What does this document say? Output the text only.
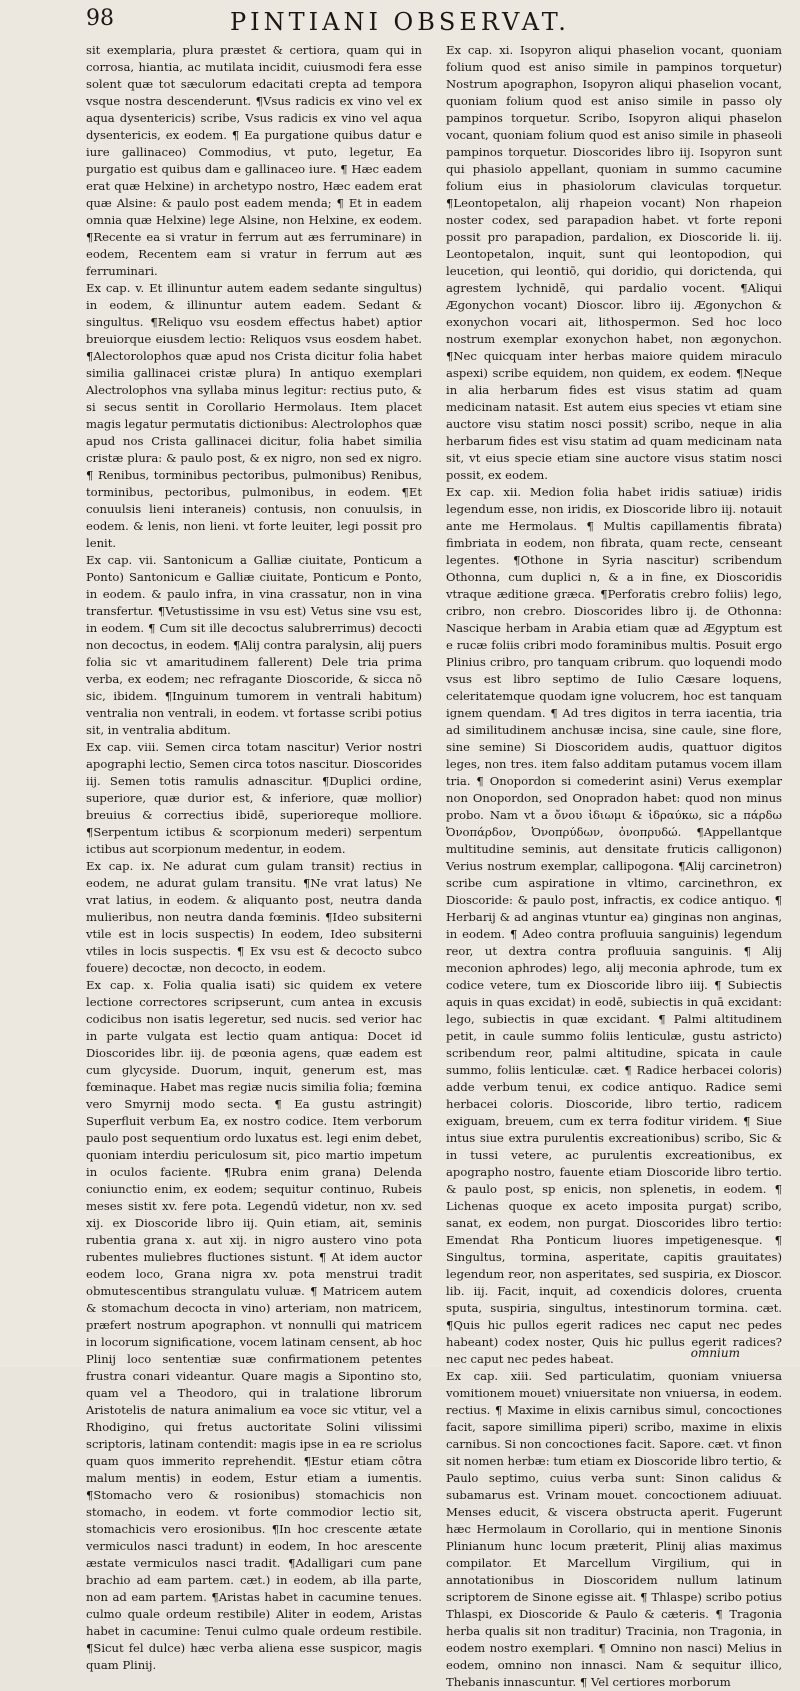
98	PINTIANI OBSERVAT.

sit exemplaria, plura præstet & certiora, quam qui in corrosa, hiantia, ac mutilata incidit, cuiusmodi fera esse solent quæ tot sæculorum edacitati crepta ad tempora vsque nostra descenderunt. ¶Vsus radicis ex vino vel ex aqua dysentericis) scribe, Vsus radicis ex vino vel aqua dysentericis, ex eodem. ¶ Ea purgatione quibus datur e iure gallinaceo) Commodius, vt puto, legetur, Ea purgatio est quibus dam e gallinaceo iure. ¶ Hæc eadem erat quæ Helxine) in archetypo nostro, Hæc eadem erat quæ Alsine: & paulo post eadem menda; ¶ Et in eadem omnia quæ Helxine) lege Alsine, non Helxine, ex eodem. ¶Recente ea si vratur in ferrum aut æs ferruminare) in eodem, Recentem eam si vratur in ferrum aut æs ferruminari.

Ex cap. v. Et illinuntur autem eadem sedante singultus) in eodem, & illinuntur autem eadem. Sedant & singultus. ¶Reliquo vsu eosdem effectus habet) aptior breuiorque eiusdem lectio: Reliquos vsus eosdem habet. ¶Alectorolophos quæ apud nos Crista dicitur folia habet similia gallinacei cristæ plura) In antiquo exemplari Alectrolophos vna syllaba minus legitur: rectius puto, & si secus sentit in Corollario Hermolaus. Item placet magis legatur permutatis dictionibus: Alectrolophos quæ apud nos Crista gallinacei dicitur, folia habet similia cristæ plura: & paulo post, & ex nigro, non sed ex nigro. ¶ Renibus, torminibus pectoribus, pulmonibus) Renibus, torminibus, pectoribus, pulmonibus, in eodem. ¶Et conuulsis lieni interaneis) contusis, non conuulsis, in eodem. & lenis, non lieni. vt forte leuiter, legi possit pro lenit.

Ex cap. vii. Santonicum a Galliæ ciuitate, Ponticum a Ponto) Santonicum e Galliæ ciuitate, Ponticum e Ponto, in eodem. & paulo infra, in vina crassatur, non in vina transfertur. ¶Vetustissime in vsu est) Vetus sine vsu est, in eodem. ¶ Cum sit ille decoctus salubrerrimus) decocti non decoctus, in eodem. ¶Alij contra paralysin, alij puers folia sic vt amaritudinem fallerent) Dele tria prima verba, ex eodem; nec refragante Dioscoride, & sicca nō sic, ibidem. ¶Inguinum tumorem in ventrali habitum) ventralia non ventrali, in eodem. vt fortasse scribi potius sit, in ventralia abditum.

Ex cap. viii. Semen circa totam nascitur) Verior nostri apographi lectio, Semen circa totos nascitur. Dioscorides iij. Semen totis ramulis adnascitur. ¶Duplici ordine, superiore, quæ durior est, & inferiore, quæ mollior) breuius & correctius ibidē, superioreque molliore. ¶Serpentum ictibus & scorpionum mederi) serpentum ictibus aut scorpionum medentur, in eodem.

Ex cap. ix. Ne adurat cum gulam transit) rectius in eodem, ne adurat gulam transitu. ¶Ne vrat latus) Ne vrat latius, in eodem. & aliquanto post, neutra danda mulieribus, non neutra danda fœminis. ¶Ideo subsiterni vtile est in locis suspectis) In eodem, Ideo subsiterni vtiles in locis suspectis. ¶ Ex vsu est & decocto subco fouere) decoctæ, non decocto, in eodem.

Ex cap. x. Folia qualia isati) sic quidem ex vetere lectione correctores scripserunt, cum antea in excusis codicibus non isatis legeretur, sed nucis. sed verior hac in parte vulgata est lectio quam antiqua: Docet id Dioscorides libr. iij. de pœonia agens, quæ eadem est cum glycyside. Duorum, inquit, generum est, mas fœminaque. Habet mas regiæ nucis similia folia; fœmina vero Smyrnij modo secta. ¶ Ea gustu astringit) Superfluit verbum Ea, ex nostro codice. Item verborum paulo post sequentium ordo luxatus est. legi enim debet, quoniam interdiu periculosum sit, pico martio impetum in oculos faciente. ¶Rubra enim grana) Delenda coniunctio enim, ex eodem; sequitur continuo, Rubeis meses sistit xv. fere pota. Legendū videtur, non xv. sed xij. ex Dioscoride libro iij. Quin etiam, ait, seminis rubentia grana x. aut xij. in nigro austero vino pota rubentes muliebres fluctiones sistunt. ¶ At idem auctor eodem loco, Grana nigra xv. pota menstrui tradit obmutescentibus strangulatu vuluæ. ¶ Matricem autem & stomachum decocta in vino) arteriam, non matricem, præfert nostrum apographon. vt nonnulli qui matricem in locorum significatione, vocem latinam censent, ab hoc Plinij loco sententiæ suæ confirmationem petentes frustra conari videantur. Quare magis a Sipontino sto, quam vel a Theodoro, qui in tralatione librorum Aristotelis de natura animalium ea voce sic vtitur, vel a Rhodigino, qui fretus auctoritate Solini vilissimi scriptoris, latinam contendit: magis ipse in ea re scriolus quam quos immerito reprehendit. ¶Estur etiam cōtra malum mentis) in eodem, Estur etiam a iumentis. ¶Stomacho vero & rosionibus) stomachicis non stomacho, in eodem. vt forte commodior lectio sit, stomachicis vero erosionibus. ¶In hoc crescente ætate vermiculos nasci tradunt) in eodem, In hoc arescente æstate vermiculos nasci tradit. ¶Adalligari cum pane brachio ad eam partem. cæt.) in eodem, ab illa parte, non ad eam partem. ¶Aristas habet in cacumine tenues. culmo quale ordeum restibile) Aliter in eodem, Aristas habet in cacumine: Tenui culmo quale ordeum restibile. ¶Sicut fel dulce) hæc verba aliena esse suspicor, magis quam Plinij.

Ex cap. xi. Isopyron aliqui phaselion vocant, quoniam folium quod est aniso simile in pampinos torquetur) Nostrum apographon, Isopyron aliqui phaselion vocant, quoniam folium quod est aniso simile in passo oly pampinos torquetur. Scribo, Isopyron aliqui phaselon vocant, quoniam folium quod est aniso simile in phaseoli pampinos torquetur. Dioscorides libro iij. Isopyron sunt qui phasiolo appellant, quoniam in summo cacumine folium eius in phasiolorum claviculas torquetur. ¶Leontopetalon, alij rhapeion vocant) Non rhapeion noster codex, sed parapadion habet. vt forte reponi possit pro parapadion, pardalion, ex Dioscoride li. iij. Leontopetalon, inquit, sunt qui leontopodion, qui leucetion, qui leontiō, qui doridio, qui dorictenda, qui agrestem lychnidē, qui pardalio vocent. ¶Aliqui Ægonychon vocant) Dioscor. libro iij. Ægonychon & exonychon vocari ait, lithospermon. Sed hoc loco nostrum exemplar exonychon habet, non ægonychon. ¶Nec quicquam inter herbas maiore quidem miraculo aspexi) scribe equidem, non quidem, ex eodem. ¶Neque in alia herbarum fides est visus statim ad quam medicinam natasit. Est autem eius species vt etiam sine auctore visu statim nosci possit) scribo, neque in alia herbarum fides est visu statim ad quam medicinam nata sit, vt eius specie etiam sine auctore visus statim nosci possit, ex eodem.

Ex cap. xii. Medion folia habet iridis satiuæ) iridis legendum esse, non iridis, ex Dioscoride libro iij. notauit ante me Hermolaus. ¶ Multis capillamentis fibrata) fimbriata in eodem, non fibrata, quam recte, censeant legentes. ¶Othone in Syria nascitur) scribendum Othonna, cum duplici n, & a in fine, ex Dioscoridis vtraque æditione græca. ¶Perforatis crebro foliis) lego, cribro, non crebro. Dioscorides libro ij. de Othonna: Nascique herbam in Arabia etiam quæ ad Ægyptum est e rucæ foliis cribri modo foraminibus multis. Posuit ergo Plinius cribro, pro tanquam cribrum. quo loquendi modo vsus est libro septimo de Iulio Cæsare loquens, celeritatemque quodam igne volucrem, hoc est tanquam ignem quendam. ¶ Ad tres digitos in terra iacentia, tria ad similitudinem anchusæ incisa, sine caule, sine flore, sine semine) Si Dioscoridem audis, quattuor digitos leges, non tres. item falso additam putamus vocem illam tria. ¶ Onopordon si comederint asini) Verus exemplar non Onopordon, sed Onopradon habet: quod non minus probo. Nam vt a ὄνου ἰδιωμι & ἰδραύκω, sic a πάρδω Ὀνοπάρδον, Ὀνοπρύδων, ὀνοπρυδώ. ¶Appellantque multitudine seminis, aut densitate fruticis calligonon) Verius nostrum exemplar, callipogona. ¶Alij carcinetron) scribe cum aspiratione in vltimo, carcinethron, ex Dioscoride: & paulo post, infractis, ex codice antiquo. ¶ Herbarij & ad anginas vtuntur ea) ginginas non anginas, in eodem. ¶ Adeo contra profluuia sanguinis) legendum reor, ut dextra contra profluuia sanguinis. ¶ Alij meconion aphrodes) lego, alij meconia aphrode, tum ex codice vetere, tum ex Dioscoride libro iiij. ¶ Subiectis aquis in quas excidat) in eodē, subiectis in quā excidant: lego, subiectis in quæ excidant. ¶ Palmi altitudinem petit, in caule summo foliis lenticulæ, gustu astricto) scribendum reor, palmi altitudine, spicata in caule summo, foliis lenticulæ. cæt. ¶ Radice herbacei coloris) adde verbum tenui, ex codice antiquo. Radice semi herbacei coloris. Dioscoride, libro tertio, radicem exiguam, breuem, cum ex terra foditur viridem. ¶ Siue intus siue extra purulentis excreationibus) scribo, Sic & in tussi vetere, ac purulentis excreationibus, ex apographo nostro, fauente etiam Dioscoride libro tertio. & paulo post, sp enicis, non splenetis, in eodem. ¶ Lichenas quoque ex aceto imposita purgat) scribo, sanat, ex eodem, non purgat. Dioscorides libro tertio: Emendat Rha Ponticum liuores impetigenesque. ¶ Singultus, tormina, asperitate, capitis grauitates) legendum reor, non asperitates, sed suspiria, ex Dioscor. lib. iij. Facit, inquit, ad coxendicis dolores, cruenta sputa, suspiria, singultus, intestinorum tormina. cæt. ¶Quis hic pullos egerit radices nec caput nec pedes habeant) codex noster, Quis hic pullus egerit radices? nec caput nec pedes habeat.

Ex cap. xiii. Sed particulatim, quoniam vniuersa vomitionem mouet) vniuersitate non vniuersa, in eodem. rectius. ¶ Maxime in elixis carnibus simul, concoctiones facit, sapore simillima piperi) scribo, maxime in elixis carnibus. Si non concoctiones facit. Sapore. cæt. vt finon sit nomen herbæ: tum etiam ex Dioscoride libro tertio, & Paulo septimo, cuius verba sunt: Sinon calidus & subamarus est. Vrinam mouet. concoctionem adiuuat. Menses educit, & viscera obstructa aperit. Fugerunt hæc Hermolaum in Corollario, qui in mentione Sinonis Plinianum hunc locum præterit, Plinij alias maximus compilator. Et Marcellum Virgilium, qui in annotationibus in Dioscoridem nullum latinum scriptorem de Sinone egisse ait. ¶ Thlaspe) scribo potius Thlaspi, ex Dioscoride & Paulo & cæteris. ¶ Tragonia herba qualis sit non traditur) Tracinia, non Tragonia, in eodem nostro exemplari. ¶ Omnino non nasci) Melius in eodem, omnino non innasci. Nam & sequitur illico, Thebanis innascuntur. ¶ Vel certiores morborum

omnium
